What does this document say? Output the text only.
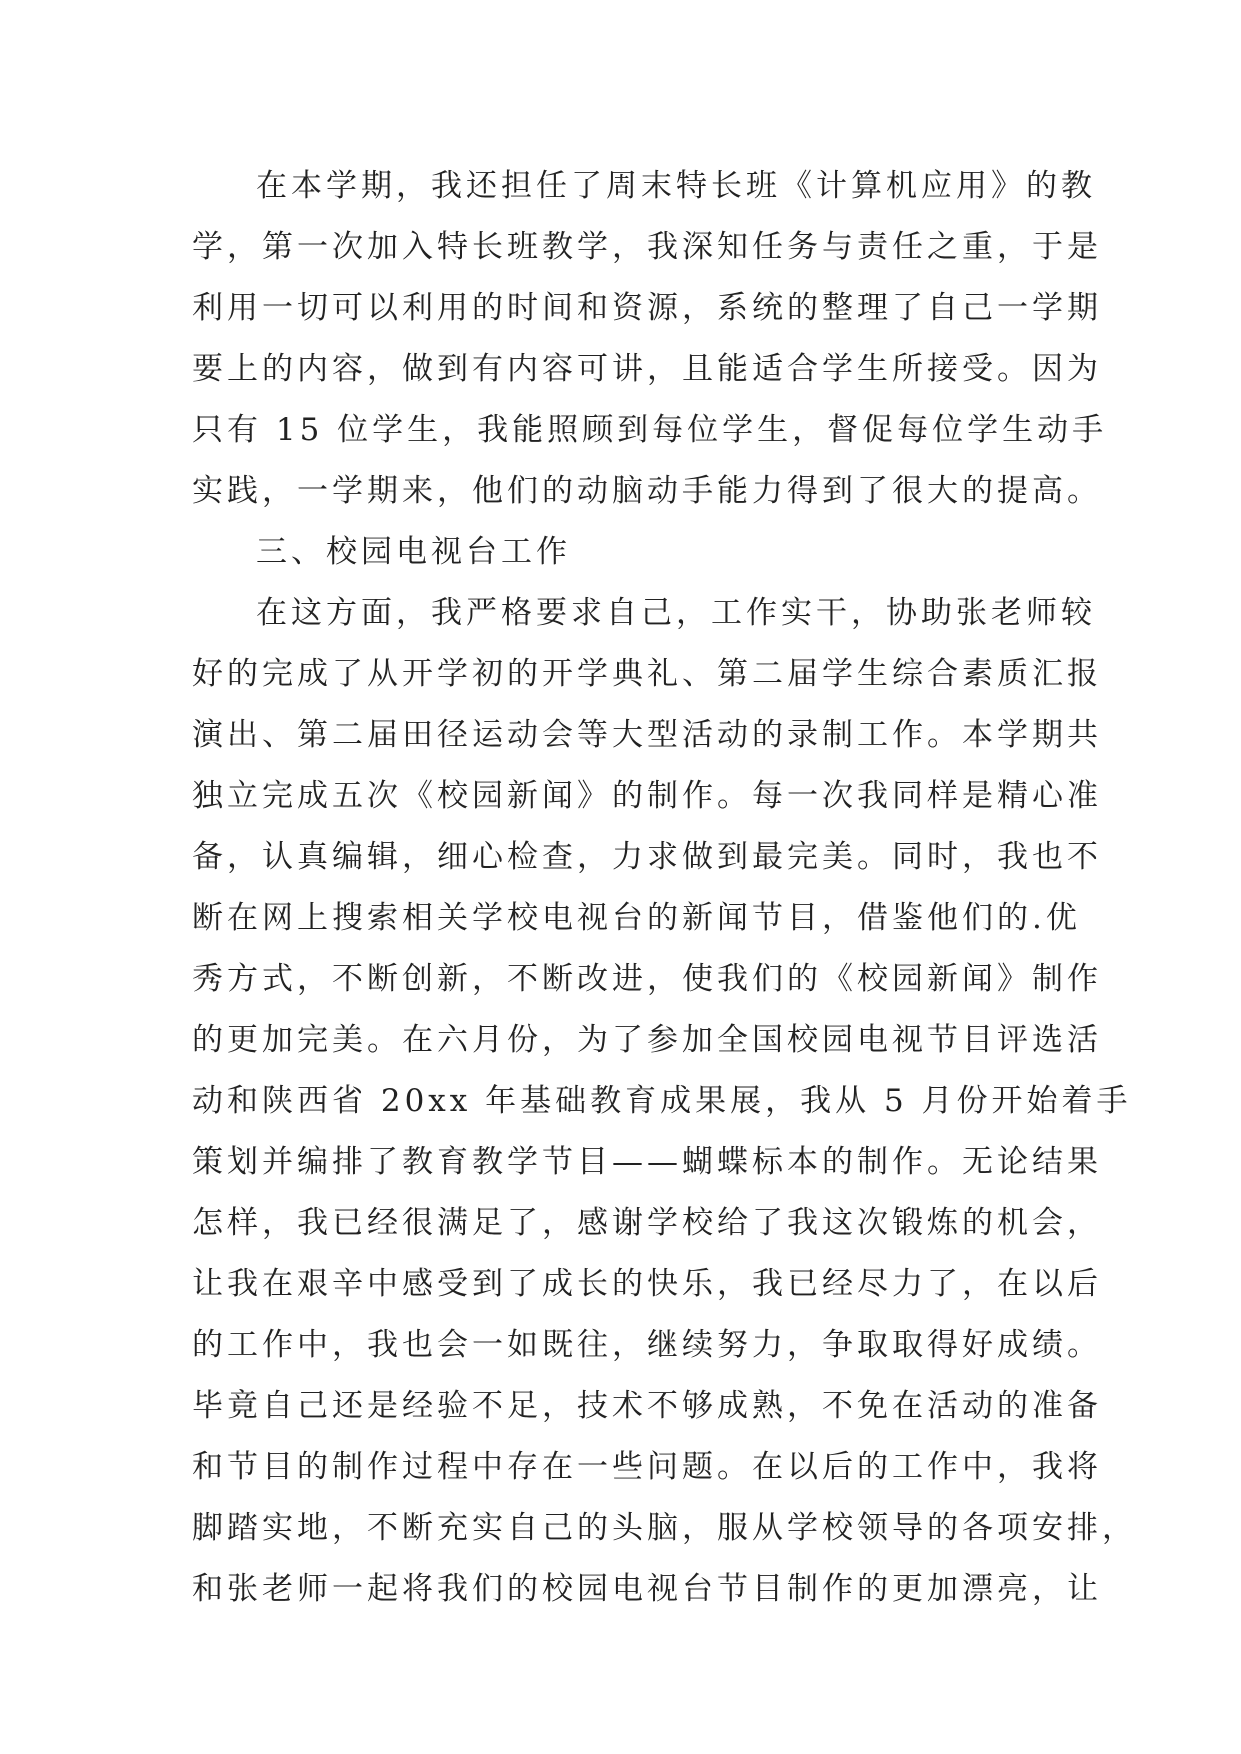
在本学期，我还担任了周末特长班《计算机应用》的教
学，第一次加入特长班教学，我深知任务与责任之重，于是
利用一切可以利用的时间和资源，系统的整理了自己一学期
要上的内容，做到有内容可讲，且能适合学生所接受。因为
只有 15 位学生，我能照顾到每位学生，督促每位学生动手
实践，一学期来，他们的动脑动手能力得到了很大的提高。
三、校园电视台工作
在这方面，我严格要求自己，工作实干，协助张老师较
好的完成了从开学初的开学典礼、第二届学生综合素质汇报
演出、第二届田径运动会等大型活动的录制工作。本学期共
独立完成五次《校园新闻》的制作。每一次我同样是精心准
备，认真编辑，细心检查，力求做到最完美。同时，我也不
断在网上搜索相关学校电视台的新闻节目，借鉴他们的.优
秀方式，不断创新，不断改进，使我们的《校园新闻》制作
的更加完美。在六月份，为了参加全国校园电视节目评选活
动和陕西省 20xx 年基础教育成果展，我从 5 月份开始着手
策划并编排了教育教学节目——蝴蝶标本的制作。无论结果
怎样，我已经很满足了，感谢学校给了我这次锻炼的机会，
让我在艰辛中感受到了成长的快乐，我已经尽力了，在以后
的工作中，我也会一如既往，继续努力，争取取得好成绩。
毕竟自己还是经验不足，技术不够成熟，不免在活动的准备
和节目的制作过程中存在一些问题。在以后的工作中，我将
脚踏实地，不断充实自己的头脑，服从学校领导的各项安排，
和张老师一起将我们的校园电视台节目制作的更加漂亮，让
